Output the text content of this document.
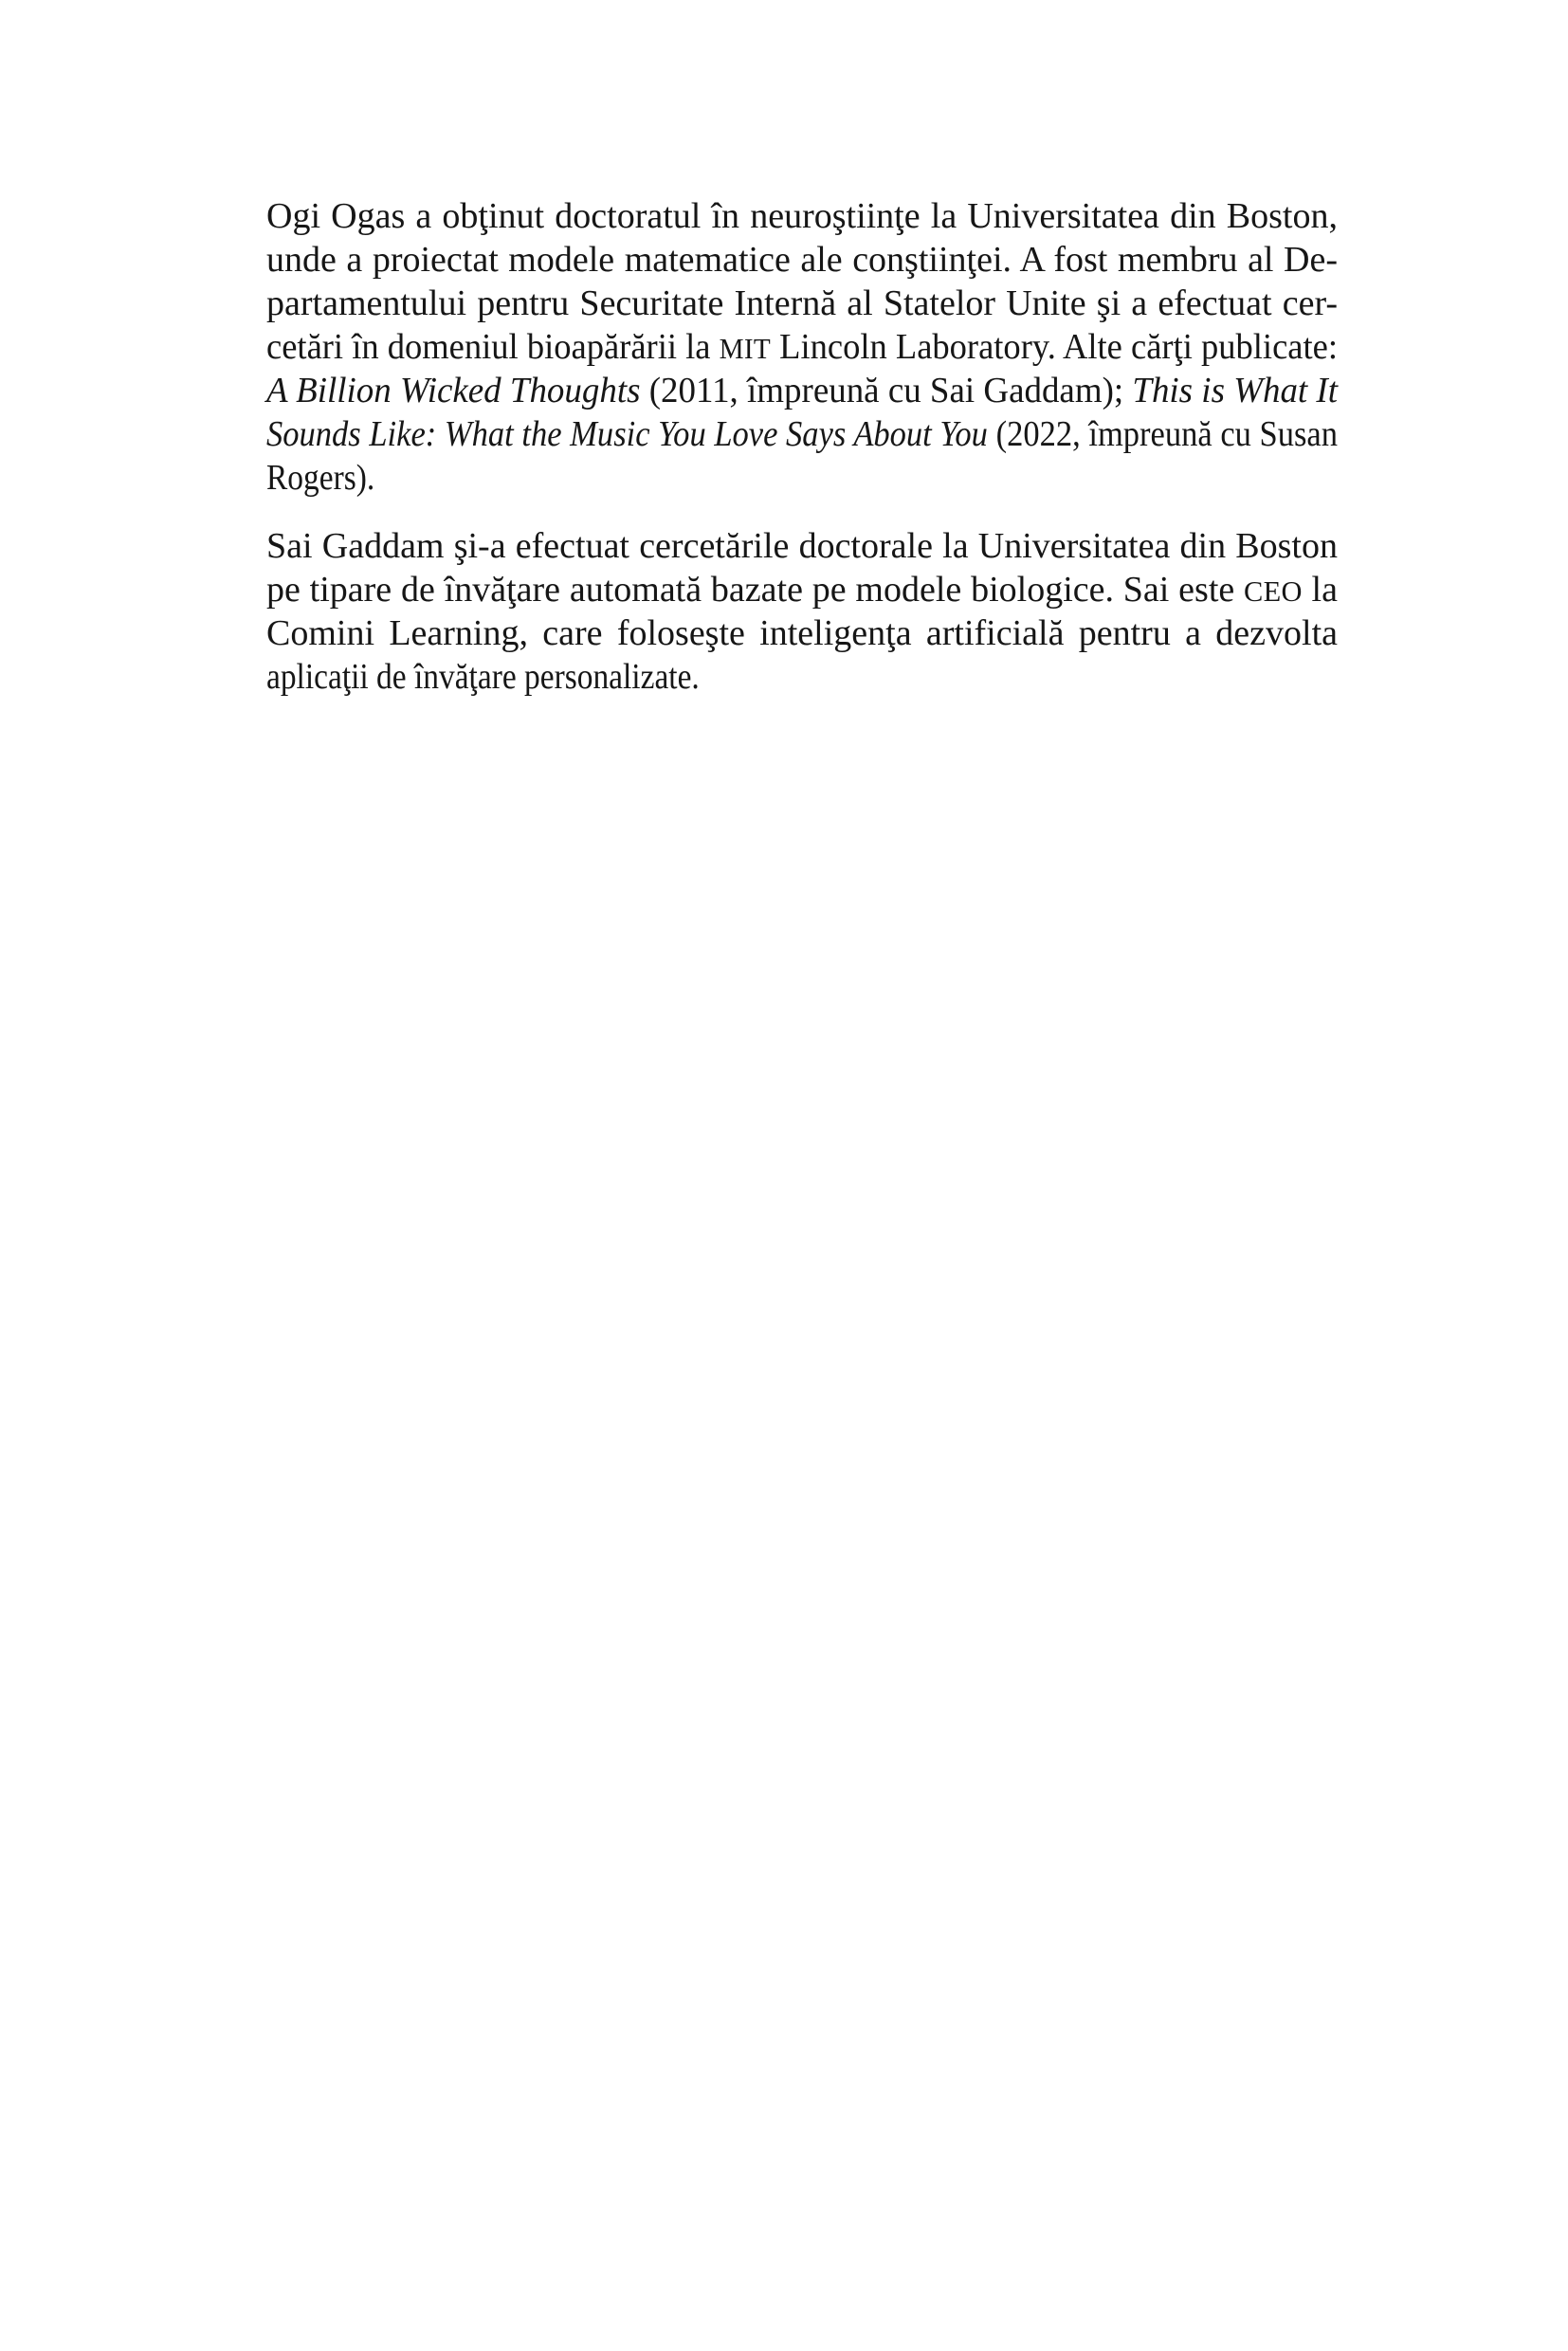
Ogi Ogas a obţinut doctoratul în neuroştiinţe la Universitatea din Boston,
unde a proiectat modele matematice ale conştiinţei. A fost membru al De-
partamentului pentru Securitate Internă al Statelor Unite şi a efectuat cer-
cetări în domeniul bioapărării la MIT Lincoln Laboratory. Alte cărţi publicate:
A Billion Wicked Thoughts (2011, împreună cu Sai Gaddam); This is What It
Sounds Like: What the Music You Love Says About You (2022, împreună cu Susan
Rogers).
Sai Gaddam şi-a efectuat cercetările doctorale la Universitatea din Boston
pe tipare de învăţare automată bazate pe modele biologice. Sai este CEO la
Comini Learning, care foloseşte inteligenţa artificială pentru a dezvolta
aplicaţii de învăţare personalizate.
